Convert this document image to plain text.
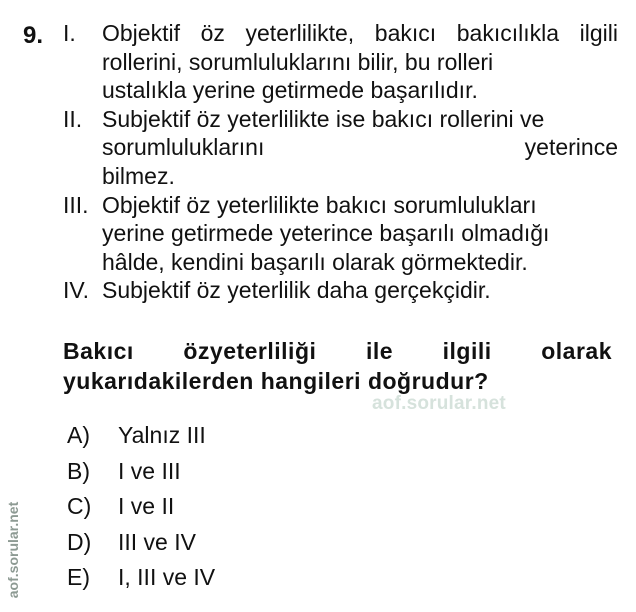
9. I.	Objektif öz yeterlilikte, bakıcı bakıcılıkla ilgili
rollerini, sorumluluklarını bilir, bu rolleri
ustalıkla yerine getirmede başarılıdır.
II. Subjektif öz yeterlilikte ise bakıcı rollerini ve
sorumluluklarını yeterince
bilmez.
III. Objektif öz yeterlilikte bakıcı sorumlulukları
yerine getirmede yeterince başarılı olmadığı
hâlde, kendini başarılı olarak görmektedir.
IV. Subjektif öz yeterlilik daha gerçekçidir.
Bakıcı özyeterliliği ile ilgili olarak
yukarıdakilerden hangileri doğrudur?
aof.sorular.net
A)	Yalnız III
B)	I ve III
C)	I ve II
D)	III ve IV
E)	I, III ve IV
aof.sorular.net
